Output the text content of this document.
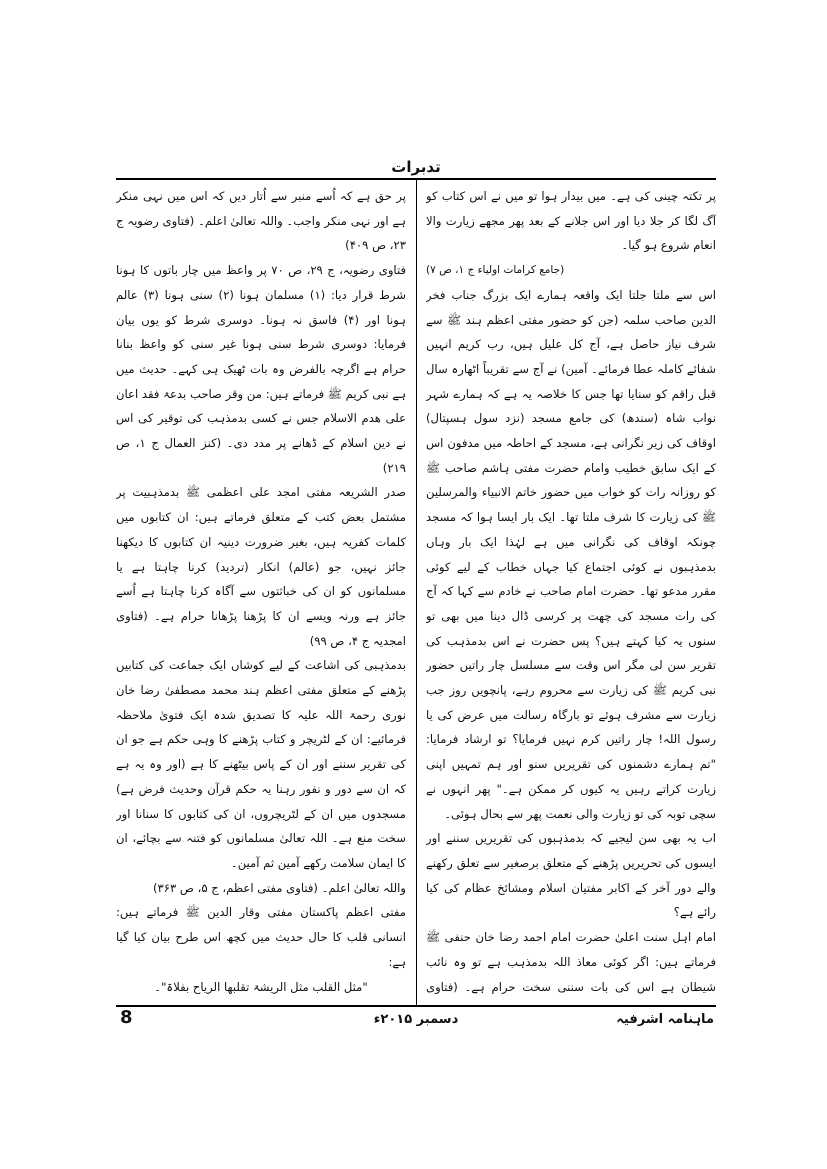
تدبرات

پر تکتہ چینی کی ہے۔ میں بیدار ہوا تو میں نے اس کتاب کو آگ لگا کر جلا دیا اور اس جلانے کے بعد پھر مجھے زیارت والا انعام شروع ہو گیا۔

(جامع کرامات اولیاء ج ۱، ص ۷)

اس سے ملتا جلتا ایک واقعہ ہمارے ایک بزرگ جناب فخر الدین صاحب سلمہ (جن کو حضور مفتی اعظم ہند ﷺ سے شرف نیاز حاصل ہے، آج کل علیل ہیں، رب کریم انہیں شفائے کاملہ عطا فرمائے۔ آمین) نے آج سے تقریباً اٹھارہ سال قبل راقم کو سنایا تھا جس کا خلاصہ یہ ہے کہ ہمارے شہر نواب شاہ (سندھ) کی جامع مسجد (نزد سول ہسپتال) اوقاف کی زیر نگرانی ہے، مسجد کے احاطہ میں مدفون اس کے ایک سابق خطیب وامام حضرت مفتی ہاشم صاحب ﷺ کو روزانہ رات کو خواب میں حضور خاتم الانبیاء والمرسلین ﷺ کی زیارت کا شرف ملتا تھا۔ ایک بار ایسا ہوا کہ مسجد چونکہ اوقاف کی نگرانی میں ہے لہٰذا ایک بار وہاں بدمذہبوں نے کوئی اجتماع کیا جہاں خطاب کے لیے کوئی مقرر مدعو تھا۔ حضرت امام صاحب نے خادم سے کہا کہ آج کی رات مسجد کی چھت پر کرسی ڈال دینا میں بھی تو سنوں یہ کیا کہتے ہیں؟ پس حضرت نے اس بدمذہب کی تقریر سن لی مگر اس وقت سے مسلسل چار راتیں حضور نبی کریم ﷺ کی زیارت سے محروم رہے، پانچویں روز جب زیارت سے مشرف ہوئے تو بارگاہ رسالت میں عرض کی یا رسول اللہ! چار راتیں کرم نہیں فرمایا؟ تو ارشاد فرمایا: "تم ہمارے دشمنوں کی تقریریں سنو اور ہم تمہیں اپنی زیارت کراتے رہیں یہ کیوں کر ممکن ہے۔" پھر انہوں نے سچی توبہ کی تو زیارت والی نعمت پھر سے بحال ہوئی۔

اب یہ بھی سن لیجیے کہ بدمذہبوں کی تقریریں سننے اور ایسوں کی تحریریں پڑھنے کے متعلق برصغیر سے تعلق رکھنے والے دور آخر کے اکابر مفتیان اسلام ومشائخ عظام کی کیا رائے ہے؟

امام اہل سنت اعلیٰ حضرت امام احمد رضا خان حنفی ﷺ فرماتے ہیں: اگر کوئی معاذ اللہ بدمذہب ہے تو وہ نائب شیطان ہے اس کی بات سننی سخت حرام ہے۔ (فتاوی

پر حق ہے کہ اُسے منبر سے اُتار دیں کہ اس میں نہی منکر ہے اور نہی منکر واجب۔ واللہ تعالیٰ اعلم۔ (فتاوی رضویہ ج ۲۳، ص ۴۰۹)

فتاوی رضویہ، ج ۲۹، ص ۷۰ پر واعظ میں چار باتوں کا ہونا شرط قرار دیا: (۱) مسلمان ہونا (۲) سنی ہونا (۳) عالم ہونا اور (۴) فاسق نہ ہونا۔ دوسری شرط کو یوں بیان فرمایا: دوسری شرط سنی ہونا غیر سنی کو واعظ بنانا حرام ہے اگرچہ بالفرض وہ بات ٹھیک ہی کہے۔ حدیث میں ہے نبی کریم ﷺ فرماتے ہیں: من وقر صاحب بدعۃ فقد اعان علی ھدم الاسلام جس نے کسی بدمذہب کی توقیر کی اس نے دین اسلام کے ڈھانے پر مدد دی۔ (کنز العمال ج ۱، ص ۲۱۹)

صدر الشریعہ مفتی امجد علی اعظمی ﷺ بدمذہبیت پر مشتمل بعض کتب کے متعلق فرماتے ہیں: ان کتابوں میں کلمات کفریہ ہیں، بغیر ضرورت دینیہ ان کتابوں کا دیکھنا جائز نہیں، جو (عالم) انکار (تردید) کرنا چاہتا ہے یا مسلمانوں کو ان کی خباثتوں سے آگاہ کرنا چاہتا ہے اُسے جائز ہے ورنہ ویسے ان کا پڑھنا پڑھانا حرام ہے۔ (فتاوی امجدیہ ج ۴، ص ۹۹)

بدمذہبی کی اشاعت کے لیے کوشاں ایک جماعت کی کتابیں پڑھنے کے متعلق مفتی اعظم ہند محمد مصطفیٰ رضا خان نوری رحمۃ اللہ علیہ کا تصدیق شدہ ایک فتویٰ ملاحظہ فرمائیے: ان کے لٹریچر و کتاب پڑھنے کا وہی حکم ہے جو ان کی تقریر سننے اور ان کے پاس بیٹھنے کا ہے (اور وہ یہ ہے کہ ان سے دور و نفور رہنا یہ حکم قرآن وحدیث فرض ہے) مسجدوں میں ان کے لٹریچروں، ان کی کتابوں کا سنانا اور سخت منع ہے۔ اللہ تعالیٰ مسلمانوں کو فتنہ سے بچائے، ان کا ایمان سلامت رکھے آمین ثم آمین۔

واللہ تعالیٰ اعلم۔ (فتاوی مفتی اعظم، ج ۵، ص ۳۶۳)

مفتی اعظم پاکستان مفتی وقار الدین ﷺ فرماتے ہیں: انسانی قلب کا حال حدیث میں کچھ اس طرح بیان کیا گیا ہے:

"مثل القلب مثل الریشۃ تقلبھا الریاح بفلاۃ"۔

ماہنامہ اشرفیہ
دسمبر ۲۰۱۵ء
8
